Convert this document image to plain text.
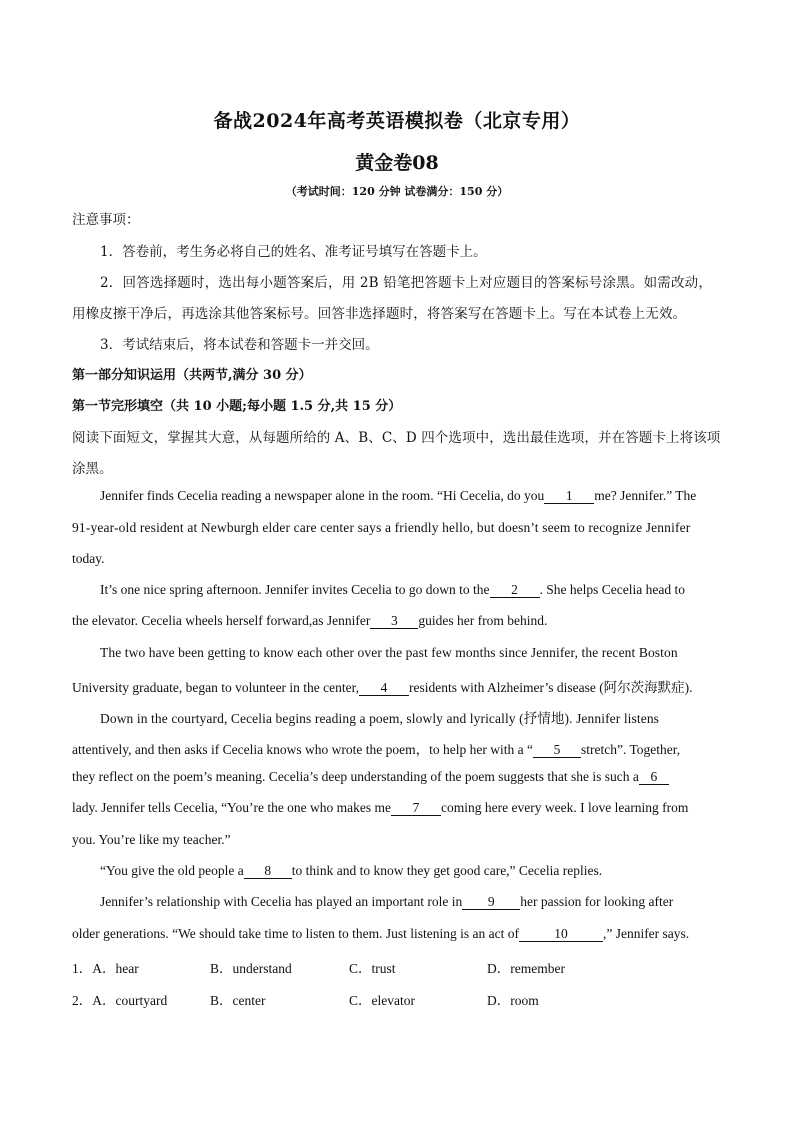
备战2024年高考英语模拟卷（北京专用）
黄金卷08
（考试时间：120 分钟 试卷满分：150 分）
注意事项：
1．答卷前，考生务必将自己的姓名、准考证号填写在答题卡上。
2．回答选择题时，选出每小题答案后，用 2B 铅笔把答题卡上对应题目的答案标号涂黑。如需改动，
用橡皮擦干净后，再选涂其他答案标号。回答非选择题时，将答案写在答题卡上。写在本试卷上无效。
3．考试结束后，将本试卷和答题卡一并交回。
第一部分知识运用（共两节,满分 30 分）
第一节完形填空（共 10 小题;每小题 1.5 分,共 15 分）
阅读下面短文，掌握其大意，从每题所给的 A、B、C、D 四个选项中，选出最佳选项，并在答题卡上将该项
涂黑。
Jennifer finds Cecelia reading a newspaper alone in the room. “Hi Cecelia, do you 1 me? Jennifer.” The
91-year-old resident at Newburgh elder care center says a friendly hello, but doesn’t seem to recognize Jennifer
today.
It’s one nice spring afternoon. Jennifer invites Cecelia to go down to the 2 . She helps Cecelia head to
the elevator. Cecelia wheels herself forward,as Jennifer 3 guides her from behind.
The two have been getting to know each other over the past few months since Jennifer, the recent Boston
University graduate, began to volunteer in the center, 4 residents with Alzheimer’s disease (阿尔茨海默症).
Down in the courtyard, Cecelia begins reading a poem, slowly and lyrically (抒情地). Jennifer listens
attentively, and then asks if Cecelia knows who wrote the poem，to help her with a “ 5 stretch”. Together,
they reflect on the poem’s meaning. Cecelia’s deep understanding of the poem suggests that she is such a 6
lady. Jennifer tells Cecelia, “You’re the one who makes me 7 coming here every week. I love learning from
you. You’re like my teacher.”
“You give the old people a 8 to think and to know they get good care,” Cecelia replies.
Jennifer’s relationship with Cecelia has played an important role in 9 her passion for looking after
older generations. “We should take time to listen to them. Just listening is an act of	10	,” Jennifer says.
1．A．hear	B．understand	C．trust	D．remember
2．A．courtyard	B．center	C．elevator	D．room
